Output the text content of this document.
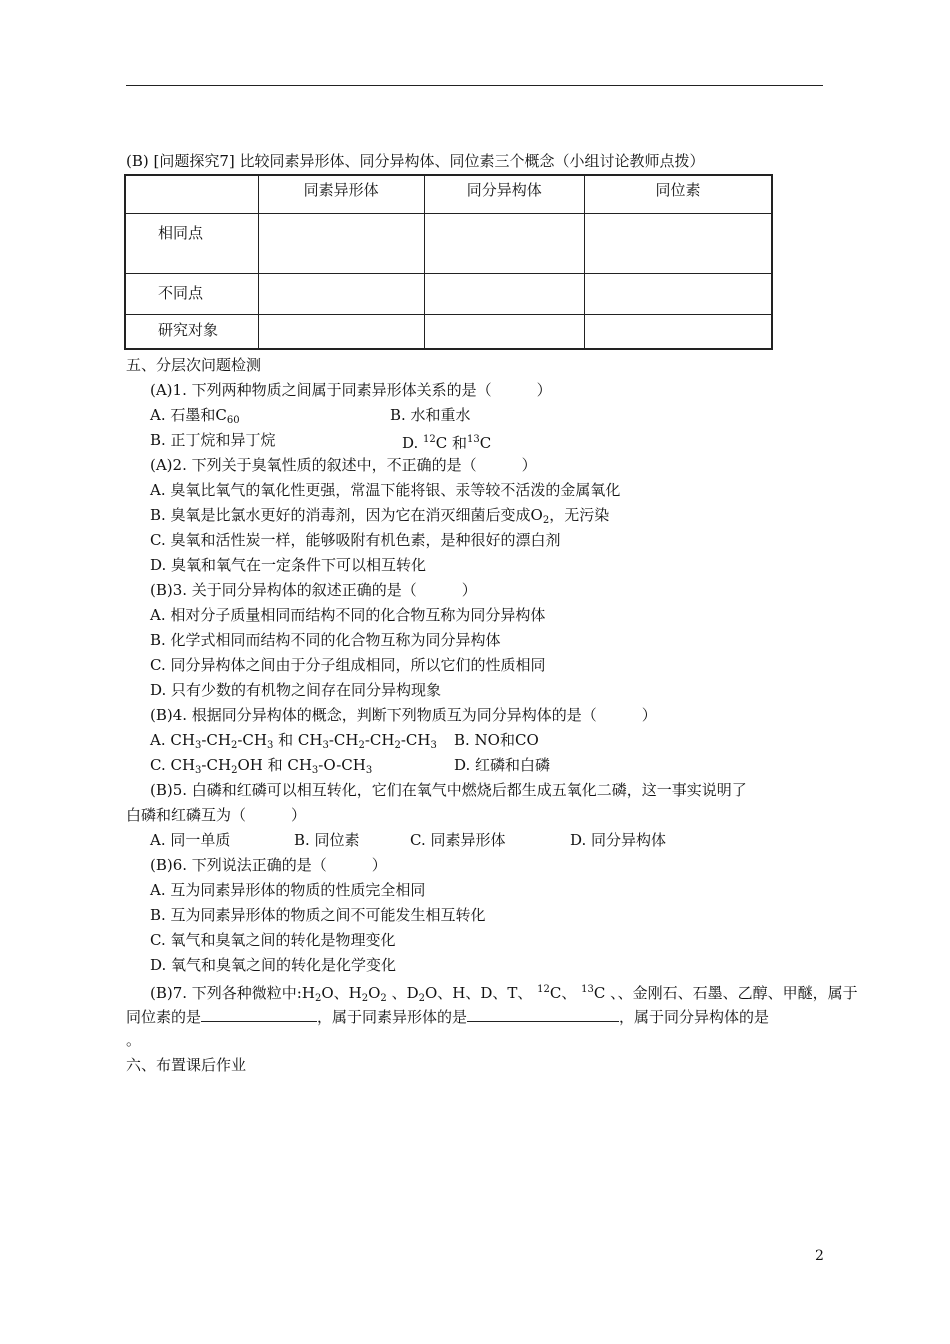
(B) [问题探究7] 比较同素异形体、同分异构体、同位素三个概念（小组讨论教师点拨）
	同素异形体	同分异构体	同位素
相同点			
不同点			
研究对象			
五、分层次问题检测
(A)1. 下列两种物质之间属于同素异形体关系的是（　　　）
A. 石墨和$C_{60}$	B. 水和重水
B. 正丁烷和异丁烷	D. $^{12}$C 和$^{13}$C
(A)2. 下列关于臭氧性质的叙述中，不正确的是（　　　）
A. 臭氧比氧气的氧化性更强，常温下能将银、汞等较不活泼的金属氧化
B. 臭氧是比氯水更好的消毒剂，因为它在消灭细菌后变成$O_2$，无污染
C. 臭氧和活性炭一样，能够吸附有机色素，是种很好的漂白剂
D. 臭氧和氧气在一定条件下可以相互转化
(B)3. 关于同分异构体的叙述正确的是（　　　）
A. 相对分子质量相同而结构不同的化合物互称为同分异构体
B. 化学式相同而结构不同的化合物互称为同分异构体
C. 同分异构体之间由于分子组成相同，所以它们的性质相同
D. 只有少数的有机物之间存在同分异构现象
(B)4. 根据同分异构体的概念，判断下列物质互为同分异构体的是（　　　）
A. $CH_3-CH_2-CH_3$ 和 $CH_3-CH_2-CH_2-CH_3$ B. NO和CO
C. $CH_3-CH_2OH$ 和 $CH_3-O-CH_3$	D. 红磷和白磷
(B)5. 白磷和红磷可以相互转化，它们在氧气中燃烧后都生成五氧化二磷，这一事实说明了
白磷和红磷互为（　　　）
A. 同一单质	B. 同位素	C. 同素异形体	D. 同分异构体
(B)6. 下列说法正确的是（　　　）
A. 互为同素异形体的物质的性质完全相同
B. 互为同素异形体的物质之间不可能发生相互转化
C. 氧气和臭氧之间的转化是物理变化
D. 氧气和臭氧之间的转化是化学变化
(B)7. 下列各种微粒中$:H_2O$、$H_2O_2$ 、$D_2O$、H、D、T、 $^{12}$C、 $^{13}$C 、、金刚石、石墨、乙醇、甲醚，属于
同位素的是	，属于同素异形体的是	，属于同分异构体的是
。
六、布置课后作业
2
